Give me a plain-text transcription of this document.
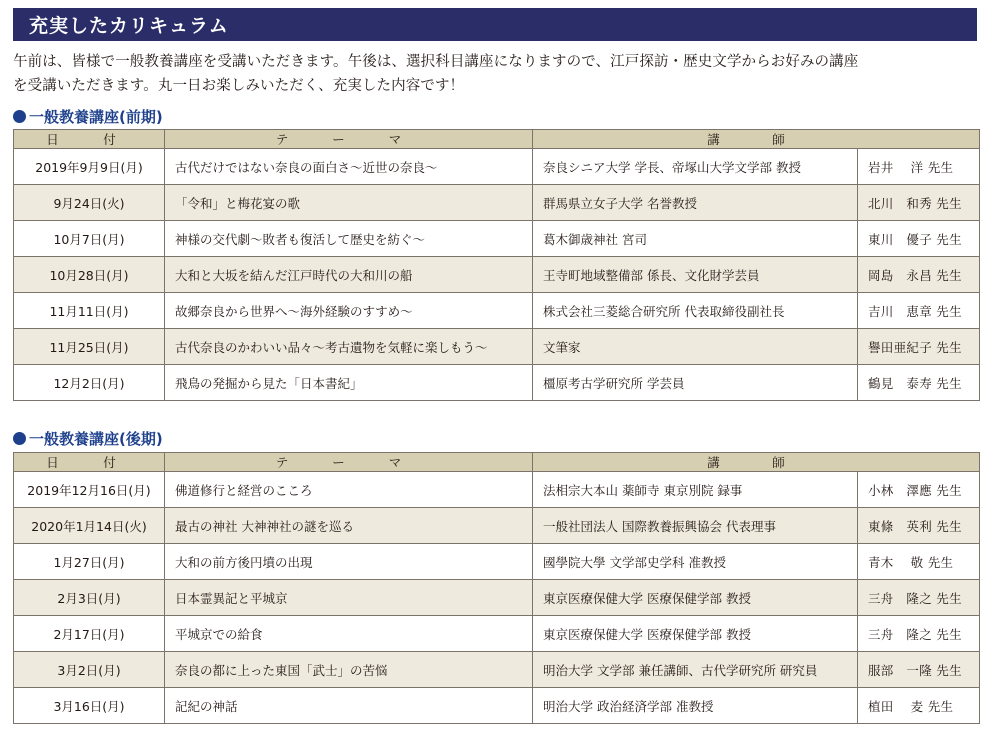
充実したカリキュラム
午前は、皆様で一般教養講座を受講いただきます。午後は、選択科目講座になりますので、江戸探訪・歴史文学からお好みの講座
を受講いただきます。丸一日お楽しみいただく、充実した内容です！
一般教養講座(前期)
日　付	テ ー マ	講　師	
2019年9月9日(月)	古代だけではない奈良の面白さ～近世の奈良～	奈良シニア大学 学長、帝塚山大学文学部 教授	岩井　 洋 先生
9月24日(火)	「令和」と梅花宴の歌	群馬県立女子大学 名誉教授	北川　和秀 先生
10月7日(月)	神様の交代劇～敗者も復活して歴史を紡ぐ～	葛木御歳神社 宮司	東川　優子 先生
10月28日(月)	大和と大坂を結んだ江戸時代の大和川の船	王寺町地域整備部 係長、文化財学芸員	岡島　永昌 先生
11月11日(月)	故郷奈良から世界へ～海外経験のすすめ～	株式会社三菱総合研究所 代表取締役副社長	吉川　恵章 先生
11月25日(月)	古代奈良のかわいい品々～考古遺物を気軽に楽しもう～	文筆家	譽田亜紀子 先生
12月2日(月)	飛鳥の発掘から見た「日本書紀」	橿原考古学研究所 学芸員	鶴見　泰寿 先生
一般教養講座(後期)
日　付	テ ー マ	講　師	
2019年12月16日(月)	佛道修行と経営のこころ	法相宗大本山 薬師寺 東京別院 録事	小林　澤應 先生
2020年1月14日(火)	最古の神社 大神神社の謎を巡る	一般社団法人 国際教養振興協会 代表理事	東條　英利 先生
1月27日(月)	大和の前方後円墳の出現	國學院大學 文学部史学科 准教授	青木　 敬 先生
2月3日(月)	日本霊異記と平城京	東京医療保健大学 医療保健学部 教授	三舟　隆之 先生
2月17日(月)	平城京での給食	東京医療保健大学 医療保健学部 教授	三舟　隆之 先生
3月2日(月)	奈良の都に上った東国「武士」の苦悩	明治大学 文学部 兼任講師、古代学研究所 研究員	服部　一隆 先生
3月16日(月)	記紀の神話	明治大学 政治経済学部 准教授	植田　 麦 先生
